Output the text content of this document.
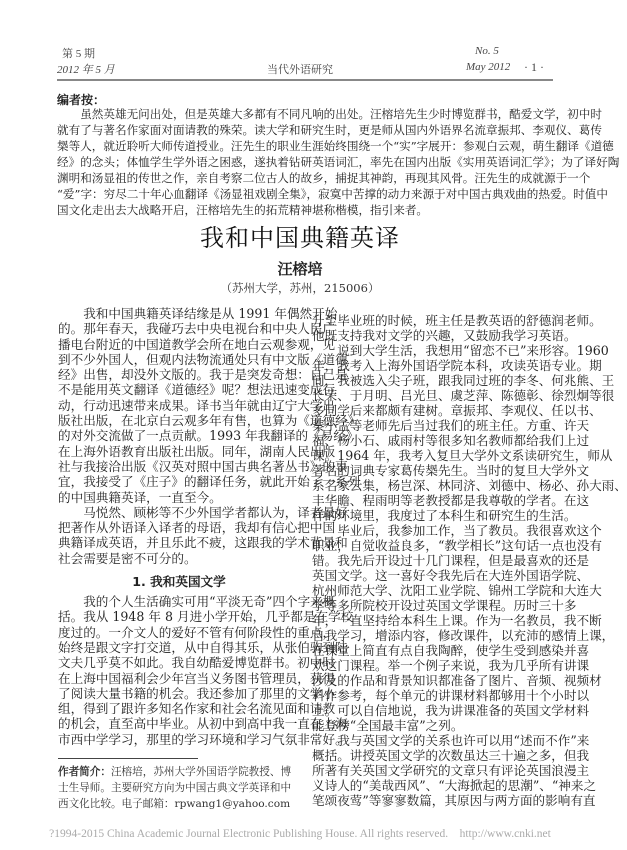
第 5 期
2012 年 5 月	当代外语研究
No. 5
May 2012 · 1 ·
编者按：
虽然英雄无问出处，但是英雄大多都有不同凡响的出处。汪榕培先生少时博览群书，酷爱文学，初中时
就有了与著名作家面对面请教的殊荣。读大学和研究生时，更是师从国内外语界名流章振邦、李观仪、葛传
椝等人，就近聆听大师传道授业。汪先生的职业生涯始终围绕一个“实”字展开：参观白云观，萌生翻译《道德
经》的念头；体恤学生学外语之困惑，遂执着钻研英语词汇，率先在国内出版《实用英语词汇学》；为了译好陶
渊明和汤显祖的传世之作，亲自考察二位古人的故乡，捕捉其神韵，再现其风骨。汪先生的成就源于一个
“爱”字：穷尽二十年心血翻译《汤显祖戏剧全集》，寂寞中苦撑的动力来源于对中国古典戏曲的热爱。时值中
国文化走出去大战略开启，汪榕培先生的拓荒精神堪称楷模，指引来者。
我和中国典籍英译
汪榕培
（苏州大学，苏州，215006）
我和中国典籍英译结缘是从 1991 年偶然开始
的。那年春天，我碰巧去中央电视台和中央人民广
播电台附近的中国道教学会所在地白云观参观，见
到不少外国人，但观内法物流通处只有中文版《道德
经》出售，却没外文版的。我于是突发奇想：自己是
不是能用英文翻译《道德经》呢？想法迅速变成行
动，行动迅速带来成果。译书当年就由辽宁大学出
版社出版，在北京白云观多年有售，也算为《道德经》
的对外交流做了一点贡献。1993 年我翻译的《易经》
在上海外语教育出版社出版。同年，湖南人民出版
社与我接洽出版《汉英对照中国古典名著丛书》的事
宜，我接受了《庄子》的翻译任务，就此开始了一系列
的中国典籍英译，一直至今。
马悦然、顾彬等不少外国学者都认为，译者最好
把著作从外语译入译者的母语，我却有信心把中国
典籍译成英语，并且乐此不疲，这跟我的学术背景和
社会需要是密不可分的。
1. 我和英国文学
我的个人生活确实可用“平淡无奇”四个字来概
括。我从 1948 年 8 月进小学开始，几乎都是在学校
度过的。一介文人的爱好不管有何阶段性的重点，
始终是跟文字打交道，从中自得其乐，从张伯驹到陆
文夫几乎莫不如此。我自幼酷爱博览群书。初中时
在上海中国福利会少年宫当义务图书管理员，获得
了阅读大量书籍的机会。我还参加了那里的文学小
组，得到了跟许多知名作家和社会名流见面和请教
的机会，直至高中毕业。从初中到高中我一直在上海
市西中学学习，那里的学习环境和学习气氛非常好。
升至毕业班的时候，班主任是教英语的舒德润老师。
他既支持我对文学的兴趣，又鼓励我学习英语。
说到大学生活，我想用“留恋不已”来形容。1960
年，我考入上海外国语学院本科，攻读英语专业。期
间，我被选入尖子班，跟我同过班的李冬、何兆熊、王
长荣、于月明、吕光旦、虞芝萍、陈德彰、徐烈炯等很
多同学后来都颇有建树。章振邦、李观仪、任以书、
秦小孟等老师先后当过我们的班主任。方重、许天
福、杨小石、戚雨村等很多知名教师都给我们上过
课。1964 年，我考入复旦大学外文系读研究生，师从
著名的词典专家葛传椝先生。当时的复旦大学外文
系名家云集，杨岂深、林同济、刘德中、杨必、孙大雨、
丰华瞻、程雨明等老教授都是我尊敬的学者。在这
样的环境里，我度过了本科生和研究生的生活。
毕业后，我参加工作，当了教员。我很喜欢这个
职业，自觉收益良多，“教学相长”这句话一点也没有
错。我先后开设过十几门课程，但是最喜欢的还是
英国文学。这一喜好令我先后在大连外国语学院、
杭州师范大学、沈阳工业学院、锦州工学院和大连大
学等多所院校开设过英国文学课程。历时三十多
年，一直坚持给本科生上课。作为一名教员，我不断
自我学习，增添内容，修改课件，以充沛的感情上课，
在课堂上简直有点自我陶醉，使学生受到感染并喜
欢这门课程。举一个例子来说，我为几乎所有讲课
涉及的作品和背景知识都准备了图片、音频、视频材
料作参考，每个单元的讲课材料都够用十个小时以
上。可以自信地说，我为讲课准备的英国文学材料
能登榜“全国最丰富”之列。
我与英国文学的关系也许可以用“述而不作”来
概括。讲授英国文学的次数虽达三十遍之多，但我
所著有关英国文学研究的文章只有评论英国浪漫主
义诗人的“美哉西风”、“大海掀起的思潮”、“神来之
笔颂夜莺”等寥寥数篇，其原因与两方面的影响有直
作者简介：汪榕培，苏州大学外国语学院教授、博士生导师。主要研究方向为中国古典文学英译和中西文化比较。电子邮箱：rpwang1@yahoo.com
?1994-2015 China Academic Journal Electronic Publishing House. All rights reserved.    http://www.cnki.net
